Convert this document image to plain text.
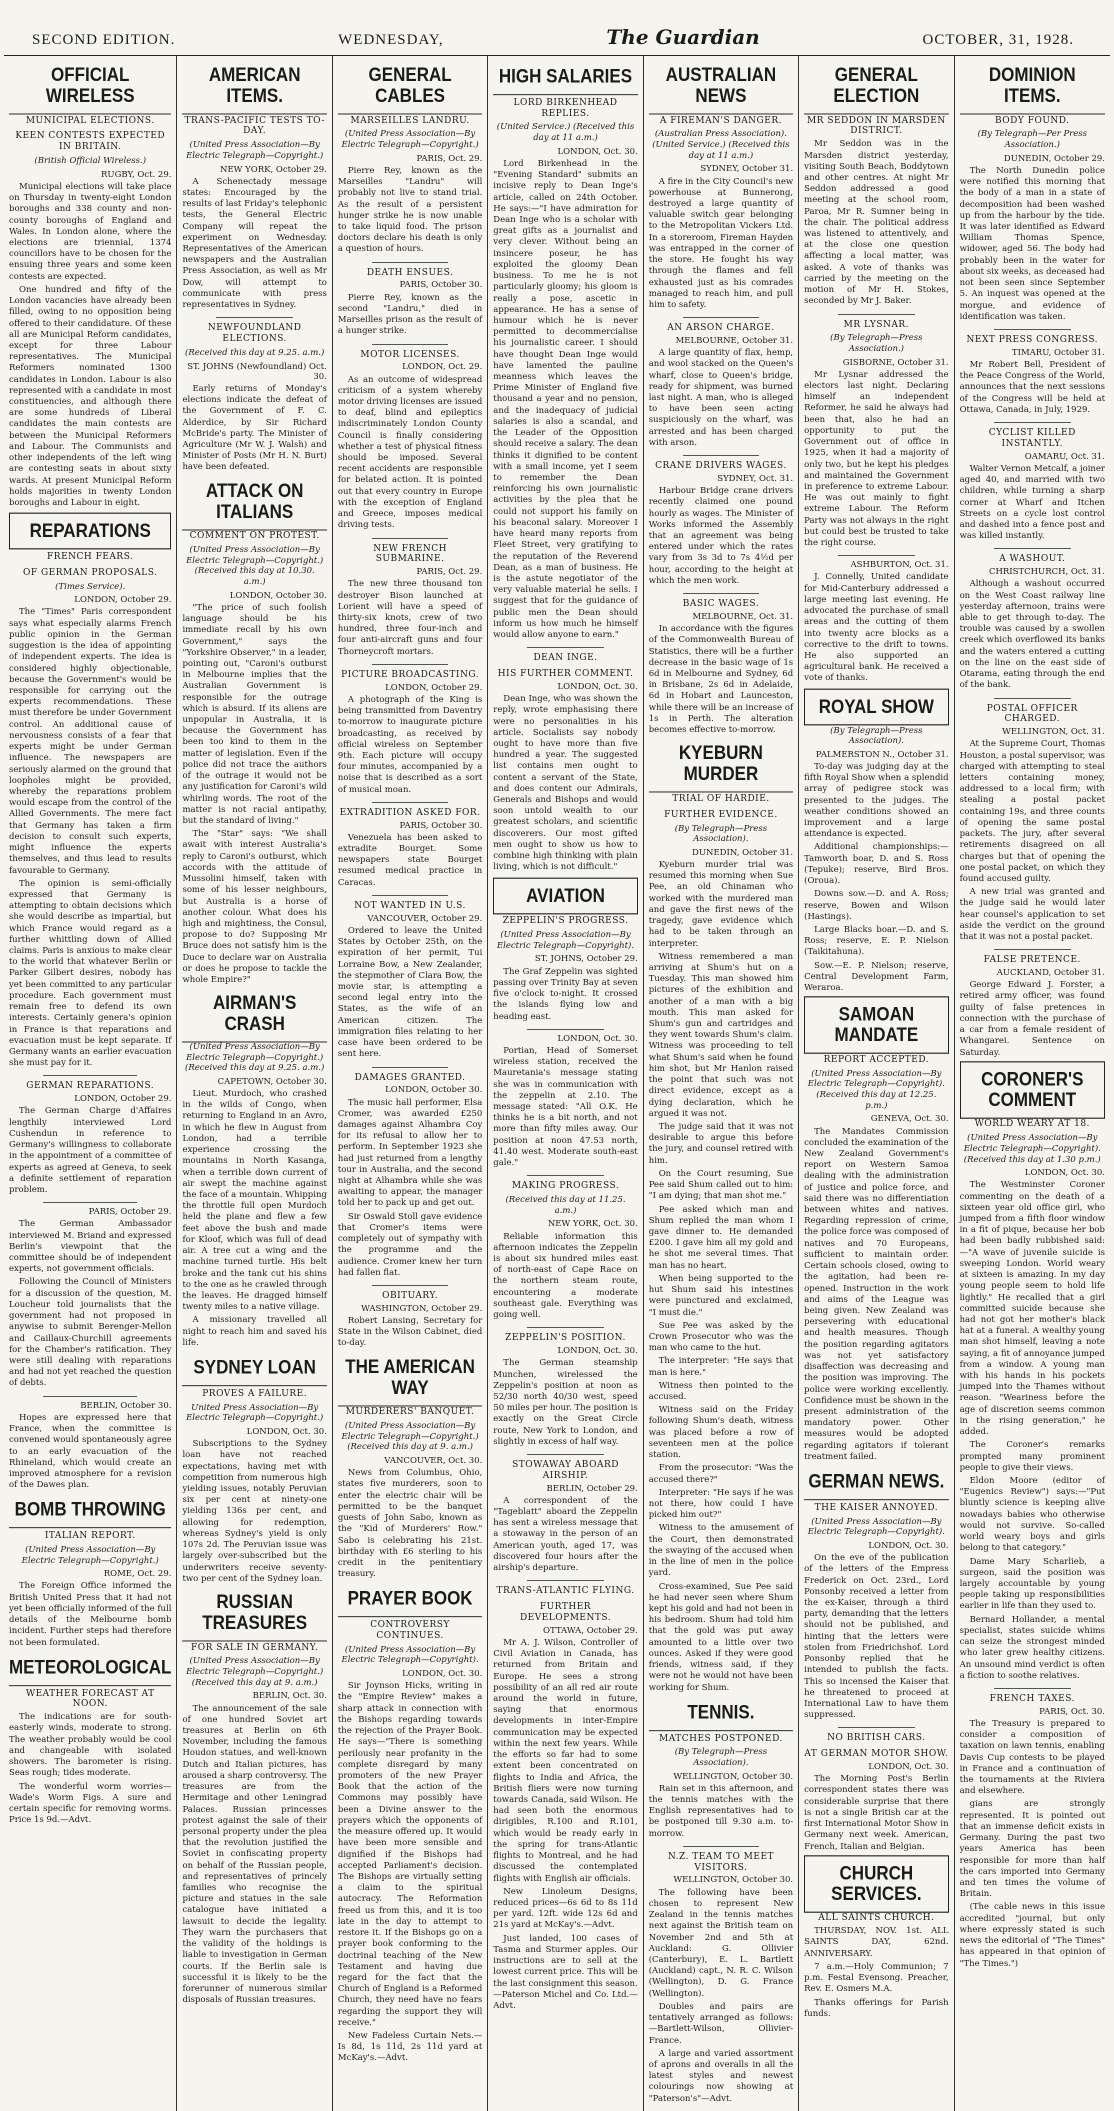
SECOND EDITION.	WEDNESDAY,	The Guardian	OCTOBER, 31, 1928.
OFFICIAL WIRELESS
MUNICIPAL ELECTIONS.
KEEN CONTESTS EXPECTED IN BRITAIN.
(British Official Wireless.)
RUGBY, Oct. 29.

Municipal elections will take place on Thursday in twenty-eight London boroughs and 338 county and non-county boroughs of England and Wales. In London alone, where the elections are triennial, 1374 councillors have to be chosen for the ensuing three years and some keen contests are expected.

One hundred and fifty of the London vacancies have already been filled, owing to no opposition being offered to their candidature. Of these all are Municipal Reform candidates, except for three Labour representatives. The Municipal Reformers nominated 1300 candidates in London. Labour is also represented with a candidate in most constituencies, and although there are some hundreds of Liberal candidates the main contests are between the Municipal Reformers and Labour. The Communists and other independents of the left wing are contesting seats in about sixty wards. At present Municipal Reform holds majorities in twenty London boroughs and Labour in eight.

REPARATIONS
FRENCH FEARS.
OF GERMAN PROPOSALS.
(Times Service).
LONDON, October 29.

The "Times" Paris correspondent says what especially alarms French public opinion in the German suggestion is the idea of appointing of independent experts. The idea is considered highly objectionable, because the Government's would be responsible for carrying out the experts recommendations. These must therefore be under Government control. An additional cause of nervousness consists of a fear that experts might be under German influence. The newspapers are seriously alarmed on the ground that loopholes might be provided, whereby the reparations problem would escape from the control of the Allied Governments. The mere fact that Germany has taken a firm decision to consult such experts, might influence the experts themselves, and thus lead to results favourable to Germany.

The opinion is semi-officially expressed that Germany is attempting to obtain decisions which she would describe as impartial, but which France would regard as a further whittling down of Allied claims. Paris is anxious to make clear to the world that whatever Berlin or Parker Gilbert desires, nobody has yet been committed to any particular procedure. Each government must remain free to defend its own interests. Certainly genera's opinion in France is that reparations and evacuation must be kept separate. If Germany wants an earlier evacuation she must pay for it.

GERMAN REPARATIONS.
LONDON, October 29.

The German Charge d'Affaires lengthily interviewed Lord Cushendun in reference to Germany's willingness to collaborate in the appointment of a committee of experts as agreed at Geneva, to seek a definite settlement of reparation problem.

PARIS, October 29.

The German Ambassador interviewed M. Briand and expressed Berlin's viewpoint that the committee should be of independent experts, not government officials.

Following the Council of Ministers for a discussion of the question, M. Loucheur told journalists that the government had not proposed in anywise to submit Berenger-Mellon and Caillaux-Churchill agreements for the Chamber's ratification. They were still dealing with reparations and had not yet reached the question of debts.

BERLIN, October 30.

Hopes are expressed here that France, when the committee is convened would spontaneously agree to an early evacuation of the Rhineland, which would create an improved atmosphere for a revision of the Dawes plan.

BOMB THROWING
ITALIAN REPORT.
(United Press Association—By Electric Telegraph—Copyright.)
ROME, Oct. 29.

The Foreign Office informed the British United Press that it had not yet been officially informed of the full details of the Melbourne bomb incident. Further steps had therefore not been formulated.

METEOROLOGICAL
WEATHER FORECAST AT NOON.

The indications are for south-easterly winds, moderate to strong. The weather probably would be cool and changeable with isolated showers. The barometer is rising. Seas rough; tides moderate.

The wonderful worm worries—Wade's Worm Figs. A sure and certain specific for removing worms. Price 1s 9d.—Advt.

AMERICAN ITEMS.
TRANS-PACIFIC TESTS TO-DAY.
(United Press Association—By Electric Telegraph—Copyright.)
NEW YORK, October 29.

A Schenectady message states: Encouraged by the results of last Friday's telephonic tests, the General Electric Company will repeat the experiment on Wednesday. Representatives of the American newspapers and the Australian Press Association, as well as Mr Dow, will attempt to communicate with press representatives in Sydney.

NEWFOUNDLAND ELECTIONS.
(Received this day at 9.25. a.m.)
ST. JOHNS (Newfoundland) Oct. 30.

Early returns of Monday's elections indicate the defeat of the Government of F. C. Alderdice, by Sir Richard McBride's party. The Minister of Agriculture (Mr W. J. Walsh) and Minister of Posts (Mr H. N. Burt) have been defeated.

ATTACK ON ITALIANS
COMMENT ON PROTEST.
(United Press Association—By Electric Telegraph—Copyright.) (Received this day at 10.30. a.m.)
LONDON, October 30.

"The price of such foolish language should be his immediate recall by his own Government," says the "Yorkshire Observer," in a leader, pointing out, "Caroni's outburst in Melbourne implies that the Australian Government is responsible for the outrage which is absurd. If its aliens are unpopular in Australia, it is because the Government has been too kind to them in the matter of legislation. Even if the police did not trace the authors of the outrage it would not be any justification for Caroni's wild whirling words. The root of the matter is not racial antipathy, but the standard of living."

The "Star" says: "We shall await with interest Australia's reply to Caroni's outburst, which accords with the attitude of Mussolini himself, taken with some of his lesser neighbours, but Australia is a horse of another colour. What does his high and mightiness, the Consul, propose to do? Supposing Mr Bruce does not satisfy him is the Duce to declare war on Australia or does he propose to tackle the whole Empire?"

AIRMAN'S CRASH
(United Press Association—By Electric Telegraph—Copyright.) (Received this day at 9.25. a.m.)
CAPETOWN, October 30.

Lieut. Murdoch, who crashed in the wilds of Congo, when returning to England in an Avro, in which he flew in August from London, had a terrible experience crossing the mountains in North Kasanga, when a terrible down current of air swept the machine against the face of a mountain. Whipping the throttle full open Murdoch held the plane and flew a few feet above the bush and made for Kloof, which was full of dead air. A tree cut a wing and the machine turned turtle. His belt broke and the tank cut his shins to the one as he crawled through the leaves. He dragged himself twenty miles to a native village.

A missionary travelled all night to reach him and saved his life.

SYDNEY LOAN
PROVES A FAILURE.
United Press Association—By Electric Telegraph—Copyright.)
LONDON, Oct. 30.

Subscriptions to the Sydney loan have not reached expectations, having met with competition from numerous high yielding issues, notably Peruvian six per cent at ninety-one yielding 136s per cent, and allowing for redemption, whereas Sydney's yield is only 107s 2d. The Peruvian issue was largely over-subscribed but the underwriters receive seventy-two per cent of the Sydney loan.

RUSSIAN TREASURES
FOR SALE IN GERMANY.
(United Press Association—By Electric Telegraph—Copyright.) (Received this day at 9. a.m.)
BERLIN, Oct. 30.

The announcement of the sale of one hundred Soviet art treasures at Berlin on 6th November, including the famous Houdon statues, and well-known Dutch and Italian pictures, has aroused a sharp controversy. The treasures are from the Hermitage and other Leningrad Palaces. Russian princesses protest against the sale of their personal property under the plea that the revolution justified the Soviet in confiscating property on behalf of the Russian people, and representatives of princely families who recognise the picture and statues in the sale catalogue have initiated a lawsuit to decide the legality. They warn the purchasers that the validity of the holdings is liable to investigation in German courts. If the Berlin sale is successful it is likely to be the forerunner of numerous similar disposals of Russian treasures.

GENERAL CABLES
MARSEILLES LANDRU.
(United Press Association—By Electric Telegraph—Copyright.)
PARIS, Oct. 29.

Pierre Rey, known as the Marseilles "Landru" will probably not live to stand trial. As the result of a persistent hunger strike he is now unable to take liquid food. The prison doctors declare his death is only a question of hours.

DEATH ENSUES.
PARIS, October 30.

Pierre Rey, known as the second "Landru," died in Marseilles prison as the result of a hunger strike.

MOTOR LICENSES.
LONDON, Oct. 29.

As an outcome of widespread criticism of a system whereby motor driving licenses are issued to deaf, blind and epileptics indiscriminately London County Council is finally considering whether a test of physical fitness should be imposed. Several recent accidents are responsible for belated action. It is pointed out that every country in Europe with the exception of England and Greece, imposes medical driving tests.

NEW FRENCH SUBMARINE.
PARIS, Oct. 29.

The new three thousand ton destroyer Bison launched at Lorient will have a speed of thirty-six knots, crew of two hundred, three four-inch and four anti-aircraft guns and four Thorneycroft mortars.

PICTURE BROADCASTING.
LONDON, October 29.

A photograph of the King is being transmitted from Daventry to-morrow to inaugurate picture broadcasting, as received by official wireless on September 9th. Each picture will occupy four minutes, accompanied by a noise that is described as a sort of musical moan.

EXTRADITION ASKED FOR.
PARIS, October 30.

Venezuela has been asked to extradite Bourget. Some newspapers state Bourget resumed medical practice in Caracas.

NOT WANTED IN U.S.
VANCOUVER, October 29.

Ordered to leave the United States by October 25th, on the expiration of her permit, Tui Lorraine Bow, a New Zealander, the stepmother of Clara Bow, the movie star, is attempting a second legal entry into the States, as the wife of an American citizen. The immigration files relating to her case have been ordered to be sent here.

DAMAGES GRANTED.
LONDON, October 30.

The music hall performer, Elsa Cromer, was awarded £250 damages against Alhambra Coy for its refusal to allow her to perform. In September 1923 she had just returned from a lengthy tour in Australia, and the second night at Alhambra while she was awaiting to appear, the manager told her to pack up and get out.

Sir Oswald Stoll gave evidence that Cromer's items were completely out of sympathy with the programme and the audience. Cromer knew her turn had fallen flat.

OBITUARY.
WASHINGTON, October 29.

Robert Lansing, Secretary for State in the Wilson Cabinet, died to-day.

THE AMERICAN WAY
MURDERERS' BANQUET.
(United Press Association—By Electric Telegraph—Copyright.) (Received this day at 9. a.m.)
VANCOUVER, Oct. 30.

News from Columbus, Ohio, states five murderers, soon to enter the electric chair will be permitted to be the banquet guests of John Sabo, known as the "Kid of Murderers' Row." Sabo is celebrating his 21st. birthday with £6 sterling to his credit in the penitentiary treasury.

PRAYER BOOK
CONTROVERSY CONTINUES.
(United Press Association—By Electric Telegraph—Copyright).
LONDON, Oct. 30.

Sir Joynson Hicks, writing in the "Empire Review" makes a sharp attack in connection with the Bishops regarding towards the rejection of the Prayer Book. He says—"There is something perilously near profanity in the complete disregard by many promoters of the new Prayer Book that the action of the Commons may possibly have been a Divine answer to the prayers which the opponents of the measure offered up. It would have been more sensible and dignified if the Bishops had accepted Parliament's decision. The Bishops are virtually setting a claim to the spiritual autocracy. The Reformation freed us from this, and it is too late in the day to attempt to restore it. If the Bishops go on a prayer book conforming to the doctrinal teaching of the New Testament and having due regard for the fact that the Church of England is a Reformed Church, they need have no fears regarding the support they will receive."

New Fadeless Curtain Nets.—Is 8d, 1s 11d, 2s 11d yard at McKay's.—Advt.

HIGH SALARIES
LORD BIRKENHEAD REPLIES.
(United Service.) (Received this day at 11 a.m.)
LONDON, Oct. 30.

Lord Birkenhead in the "Evening Standard" submits an incisive reply to Dean Inge's article, called on 24th October. He says:—"I have admiration for Dean Inge who is a scholar with great gifts as a journalist and very clever. Without being an insincere poseur, he has exploited the gloomy Dean business. To me he is not particularly gloomy; his gloom is really a pose, ascetic in appearance. He has a sense of humour which he is never permitted to decommercialise his journalistic career. I should have thought Dean Inge would have lamented the pauline meanness which leaves the Prime Minister of England five thousand a year and no pension, and the inadequacy of judicial salaries is also a scandal, and the Leader of the Opposition should receive a salary. The dean thinks it dignified to be content with a small income, yet I seem to remember the Dean reinforcing his own journalistic activities by the plea that he could not support his family on his beaconal salary. Moreover I have heard many reports from Fleet Street, very gratifying to the reputation of the Reverend Dean, as a man of business. He is the astute negotiator of the very valuable material he sells. I suggest that for the guidance of public men the Dean should inform us how much he himself would allow anyone to earn."

DEAN INGE.
HIS FURTHER COMMENT.
LONDON, Oct. 30.

Dean Inge, who was shown the reply, wrote emphasising there were no personalities in his article. Socialists say nobody ought to have more than five hundred a year. The suggested list contains men ought to content a servant of the State, and does content our Admirals, Generals and Bishops and would soon untold wealth to our greatest scholars, and scientific discoverers. Our most gifted men ought to show us how to combine high thinking with plain living, which is not difficult."

AVIATION
ZEPPELIN'S PROGRESS.
(United Press Association—By Electric Telegraph—Copyright).
ST. JOHNS, October 29.

The Graf Zeppelin was sighted passing over Trinity Bay at seven five o'clock to-night. It crossed the islands flying low and heading east.

LONDON, Oct. 30.

Portian, Head of Somerset wireless station, received the Mauretania's message stating she was in communication with the zeppelin at 2.10. The message stated: "All O.K. He thinks he is a bit north, and not more than fifty miles away. Our position at noon 47.53 north, 41.40 west. Moderate south-east gale."

MAKING PROGRESS.
(Received this day at 11.25. a.m.)
NEW YORK, Oct. 30.

Reliable information this afternoon indicates the Zeppelin is about six hundred miles east of north-east of Cape Race on the northern steam route, encountering a moderate southeast gale. Everything was going well.

ZEPPELIN'S POSITION.
LONDON, Oct. 30.

The German steamship Munchen, wirelessed the Zeppelin's position at noon as 52/30 north 40/30 west, speed 50 miles per hour. The position is exactly on the Great Circle route, New York to London, and slightly in excess of half way.

STOWAWAY ABOARD AIRSHIP.
BERLIN, October 29.

A correspondent of the "Tageblatt" aboard the Zeppelin has sent a wireless message that a stowaway in the person of an American youth, aged 17, was discovered four hours after the airship's departure.

TRANS-ATLANTIC FLYING.
FURTHER DEVELOPMENTS.
OTTAWA, October 29.

Mr A. J. Wilson, Controller of Civil Aviation in Canada, has returned from Britain and Europe. He sees a strong possibility of an all red air route around the world in future, saying that enormous developments in inter-Empire communication may be expected within the next few years. While the efforts so far had to some extent been concentrated on flights to India and Africa, the British fliers were now turning towards Canada, said Wilson. He had seen both the enormous dirigibles, R.100 and R.101, which would be ready early in the spring for trans-Atlantic flights to Montreal, and he had discussed the contemplated flights with English air officials.

New Linoleum Designs, reduced prices—6s 6d to 8s 11d per yard. 12ft. wide 12s 6d and 21s yard at McKay's.—Advt.

Just landed, 100 cases of Tasma and Sturmer apples. Our instructions are to sell at the lowest current price. This will be the last consignment this season.—Paterson Michel and Co. Ltd.—Advt.

AUSTRALIAN NEWS
A FIREMAN'S DANGER.
(Australian Press Association). (United Service.) (Received this day at 11 a.m.)
SYDNEY, October 31.

A fire in the City Council's new powerhouse at Bunnerong, destroyed a large quantity of valuable switch gear belonging to the Metropolitan Vickers Ltd. In a storeroom, Fireman Hayden was entrapped in the corner of the store. He fought his way through the flames and fell exhausted just as his comrades managed to reach him, and pull him to safety.

AN ARSON CHARGE.
MELBOURNE, October 31.

A large quantity of flax, hemp, and wool stacked on the Queen's wharf, close to Queen's bridge, ready for shipment, was burned last night. A man, who is alleged to have been seen acting suspiciously on the wharf, was arrested and has been charged with arson.

CRANE DRIVERS WAGES.
SYDNEY, Oct. 31.

Harbour Bridge crane drivers recently claimed one pound hourly as wages. The Minister of Works informed the Assembly that an agreement was being entered under which the rates vary from 3s 3d to 7s 4½d per hour, according to the height at which the men work.

BASIC WAGES.
MELBOURNE, Oct. 31.

In accordance with the figures of the Commonwealth Bureau of Statistics, there will be a further decrease in the basic wage of 1s 6d in Melbourne and Sydney, 6d in Brisbane, 2s 6d in Adelaide, 6d in Hobart and Launceston, while there will be an increase of 1s in Perth. The alteration becomes effective to-morrow.

KYEBURN MURDER
TRIAL OF HARDIE.
FURTHER EVIDENCE.
(By Telegraph—Press Association).
DUNEDIN, October 31.

Kyeburn murder trial was resumed this morning when Sue Pee, an old Chinaman who worked with the murdered man and gave the first news of the tragedy, gave evidence which had to be taken through an interpreter.

Witness remembered a man arriving at Shum's hut on a Tuesday. This man showed him pictures of the exhibition and another of a man with a big mouth. This man asked for Shum's gun and cartridges and they went towards Shum's claim. Witness was proceeding to tell what Shum's said when he found him shot, but Mr Hanlon raised the point that such was not direct evidence, except as a dying declaration, which he argued it was not.

The judge said that it was not desirable to argue this before the jury, and counsel retired with him.

On the Court resuming, Sue Pee said Shum called out to him: "I am dying; that man shot me."

Pee asked which man and Shum replied the man whom I gave dinner to. He demanded £200. I gave him all my gold and he shot me several times. That man has no heart.

When being supported to the hut Shum said his intestines were punctured and exclaimed, "I must die."

Sue Pee was asked by the Crown Prosecutor who was the man who came to the hut.

The interpreter: "He says that man is here."

Witness then pointed to the accused.

Witness said on the Friday following Shum's death, witness was placed before a row of seventeen men at the police station.

From the prosecutor: "Was the accused there?"

Interpreter: "He says if he was not there, how could I have picked him out?"

Witness to the amusement of the Court, then demonstrated the swaying of the accused when in the line of men in the police yard.

Cross-examined, Sue Pee said he had never seen where Shum kept his gold and had not been in his bedroom. Shum had told him that the gold was put away amounted to a little over two ounces. Asked if they were good friends, witness said, if they were not he would not have been working for Shum.

TENNIS.
MATCHES POSTPONED.
(By Telegraph—Press Association).
WELLINGTON, October 30.

Rain set in this afternoon, and the tennis matches with the English representatives had to be postponed till 9.30 a.m. to-morrow.

N.Z. TEAM TO MEET VISITORS.
WELLINGTON, October 30.

The following have been chosen to represent New Zealand in the tennis matches next against the British team on November 2nd and 5th at Auckland: G. Ollivier (Canterbury), E. L. Bartlett (Auckland) capt., N. R. C. Wilson (Wellington), D. G. France (Wellington).

Doubles and pairs are tentatively arranged as follows:—Bartlett-Wilson, Ollivier-France.

A large and varied assortment of aprons and overalls in all the latest styles and newest colourings now showing at "Paterson's"—Advt.

GENERAL ELECTION
MR SEDDON IN MARSDEN DISTRICT.

Mr Seddon was in the Marsden district yesterday, visiting South Beach, Boddytown and other centres. At night Mr Seddon addressed a good meeting at the school room, Paroa, Mr R. Sumner being in the chair. The political address was listened to attentively, and at the close one question affecting a local matter, was asked. A vote of thanks was carried by the meeting on the motion of Mr H. Stokes, seconded by Mr J. Baker.

MR LYSNAR.
(By Telegraph—Press Association.)
GISBORNE, October 31.

Mr Lysnar addressed the electors last night. Declaring himself an independent Reformer, he said he always had been that, also he had an opportunity to put the Government out of office in 1925, when it had a majority of only two, but he kept his pledges and maintained the Government in preference to extreme Labour. He was out mainly to fight extreme Labour. The Reform Party was not always in the right but could best be trusted to take the right course.

ASHBURTON, Oct. 31.

J. Connelly, United candidate for Mid-Canterbury addressed a large meeting last evening. He advocated the purchase of small areas and the cutting of them into twenty acre blocks as a corrective to the drift to towns. He also supported an agricultural bank. He received a vote of thanks.

ROYAL SHOW
(By Telegraph—Press Association).
PALMERSTON N., October 31.

To-day was judging day at the fifth Royal Show when a splendid array of pedigree stock was presented to the judges. The weather conditions showed an improvement and a large attendance is expected.

Additional championships:—Tamworth boar, D. and S. Ross (Tepuke); reserve, Bird Bros. (Oroua).

Downs sow.—D. and A. Ross; reserve, Bowen and Wilson (Hastings).

Large Blacks boar.—D. and S. Ross; reserve, E. P. Nielson (Taikitahuna).

Sow.—E. P. Nielson; reserve, Central Development Farm, Weraroa.

SAMOAN MANDATE
REPORT ACCEPTED.
(United Press Association—By Electric Telegraph—Copyright). (Received this day at 12.25. p.m.)
GENEVA, Oct. 30.

The Mandates Commission concluded the examination of the New Zealand Government's report on Western Samoa dealing with the administration of justice and police force, and said there was no differentiation between whites and natives. Regarding repression of crime, the police force was composed of natives and 70 Europeans, sufficient to maintain order. Certain schools closed, owing to the agitation, had been re-opened. Instruction in the work and aims of the League was being given. New Zealand was persevering with educational and health measures. Though the position regarding agitators was not yet satisfactory disaffection was decreasing and the position was improving. The police were working excellently. Confidence must be shown in the present administration of the mandatory power. Other measures would be adopted regarding agitators if tolerant treatment failed.

GERMAN NEWS.
THE KAISER ANNOYED.
(United Press Association—By Electric Telegraph—Copyright).
LONDON, Oct. 30.

On the eve of the publication of the letters of the Empress Frederick on Oct. 23rd., Lord Ponsonby received a letter from the ex-Kaiser, through a third party, demanding that the letters should not be published, and hinting that the letters were stolen from Friedrichshof. Lord Ponsonby replied that he intended to publish the facts. This so incensed the Kaiser that he threatened to proceed at International Law to have them suppressed.

NO BRITISH CARS.
AT GERMAN MOTOR SHOW.
LONDON, Oct. 30.

The Morning Post's Berlin correspondent states there was considerable surprise that there is not a single British car at the first International Motor Show in Germany next week. American, French, Italian and Belgian.

CHURCH SERVICES.
ALL SAINTS CHURCH.

THURSDAY, NOV. 1st. ALL SAINTS DAY, 62nd. ANNIVERSARY.

7 a.m.—Holy Communion; 7 p.m. Festal Evensong. Preacher, Rev. E. Osmers M.A.

Thanks offerings for Parish funds.

DOMINION ITEMS.
BODY FOUND.
(By Telegraph—Per Press Association.)
DUNEDIN, October 29.

The North Dunedin police were notified this morning that the body of a man in a state of decomposition had been washed up from the harbour by the tide. It was later identified as Edward William Thomas Spence, widower, aged 56. The body had probably been in the water for about six weeks, as deceased had not been seen since September 5. An inquest was opened at the morgue, and evidence of identification was taken.

NEXT PRESS CONGRESS.
TIMARU, October 31.

Mr Robert Bell, President of the Peace Congress of the World, announces that the next sessions of the Congress will be held at Ottawa, Canada, in July, 1929.

CYCLIST KILLED INSTANTLY.
OAMARU, Oct. 31.

Walter Vernon Metcalf, a joiner aged 40, and married with two children, while turning a sharp corner at Wharf and Itchen Streets on a cycle lost control and dashed into a fence post and was killed instantly.

A WASHOUT.
CHRISTCHURCH, Oct. 31.

Although a washout occurred on the West Coast railway line yesterday afternoon, trains were able to get through to-day. The trouble was caused by a swollen creek which overflowed its banks and the waters entered a cutting on the line on the east side of Otarama, eating through the end of the bank.

POSTAL OFFICER CHARGED.
WELLINGTON, Oct. 31.

At the Supreme Court, Thomas Houston, a postal supervisor, was charged with attempting to steal letters containing money, addressed to a local firm; with stealing a postal packet containing 19s, and three counts of opening the same postal packets. The jury, after several retirements disagreed on all charges but that of opening the one postal packet, on which they found accused guilty.

A new trial was granted and the judge said he would later hear counsel's application to set aside the verdict on the ground that it was not a postal packet.

FALSE PRETENCE.
AUCKLAND, October 31.

George Edward J. Forster, a retired army officer, was found guilty of false pretences in connection with the purchase of a car from a female resident of Whangarei. Sentence on Saturday.

CORONER'S COMMENT
WORLD WEARY AT 18.
(United Press Association—By Electric Telegraph—Copyright). (Received this day at 1.30 p.m.)
LONDON, Oct. 30.

The Westminster Coroner commenting on the death of a sixteen year old office girl, who jumped from a fifth floor window in a fit of pique, because her bob had been badly rubbished said:—"A wave of juvenile suicide is sweeping London. World weary at sixteen is amazing. In my day young people seem to hold life lightly." He recalled that a girl committed suicide because she had not got her mother's black hat at a funeral. A wealthy young man shot himself, leaving a note saying, a fit of annoyance jumped from a window. A young man with his hands in his pockets jumped into the Thames without reason. "Weariness before the age of discretion seems common in the rising generation," he added.

The Coroner's remarks prompted many prominent people to give their views.

Eldon Moore (editor of "Eugenics Review") says:—"Put bluntly science is keeping alive nowadays babies who otherwise would not survive. So-called world weary boys and girls belong to that category."

Dame Mary Scharlieb, a surgeon, said the position was largely accountable by young people taking up responsibilities earlier in life than they used to.

Bernard Hollander, a mental specialist, states suicide whims can seize the strongest minded who later grew healthy citizens. An unsound mind verdict is often a fiction to soothe relatives.

FRENCH TAXES.
PARIS, Oct. 30.

The Treasury is prepared to consider a composition of taxation on lawn tennis, enabling Davis Cup contests to be played in France and a continuation of the tournaments at the Riviera and elsewhere.

gians are strongly represented. It is pointed out that an immense deficit exists in Germany. During the past two years America has been responsible for more than half the cars imported into Germany and ten times the volume of Britain.

(The cable news in this issue accredited "journal, but only where expressly stated is such news the editorial of "The Times" has appeared in that opinion of "The Times.")
